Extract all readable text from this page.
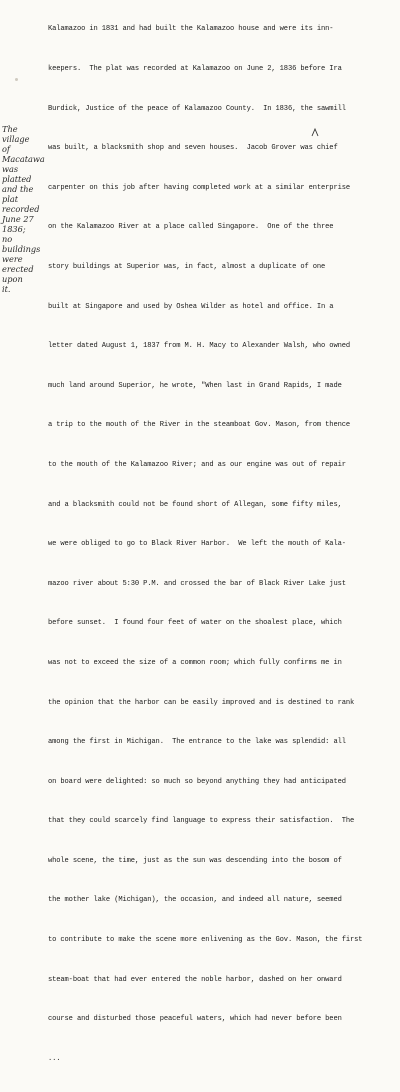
Kalamazoo in 1831 and had built the Kalamazoo house and were its inn-

keepers.  The plat was recorded at Kalamazoo on June 2, 1836 before Ira

Burdick, Justice of the peace of Kalamazoo County.  In 1836, the sawmill

was built, a blacksmith shop and seven houses.  Jacob Grover was chief

carpenter on this job after having completed work at a similar enterprise

on the Kalamazoo River at a place called Singapore.  One of the three

story buildings at Superior was, in fact, almost a duplicate of one

built at Singapore and used by Oshea Wilder as hotel and office. In a

letter dated August 1, 1837 from M. H. Macy to Alexander Walsh, who owned

much land around Superior, he wrote, "When last in Grand Rapids, I made

a trip to the mouth of the River in the steamboat Gov. Mason, from thence

to the mouth of the Kalamazoo River; and as our engine was out of repair

and a blacksmith could not be found short of Allegan, some fifty miles,

we were obliged to go to Black River Harbor.  We left the mouth of Kala-

mazoo river about 5:30 P.M. and crossed the bar of Black River Lake just

before sunset.  I found four feet of water on the shoalest place, which

was not to exceed the size of a common room; which fully confirms me in

the opinion that the harbor can be easily improved and is destined to rank

among the first in Michigan.  The entrance to the lake was splendid: all

on board were delighted: so much so beyond anything they had anticipated

that they could scarcely find language to express their satisfaction.  The

whole scene, the time, just as the sun was descending into the bosom of

the mother lake (Michigan), the occasion, and indeed all nature, seemed

to contribute to make the scene more enlivening as the Gov. Mason, the first

steam-boat that had ever entered the noble harbor, dashed on her onward

course and disturbed those peaceful waters, which had never before been

...

The
village
of
Macatawa
was
platted
and the
plat
recorded
June 27
1836;
no
buildings
were
erected
upon
it.
